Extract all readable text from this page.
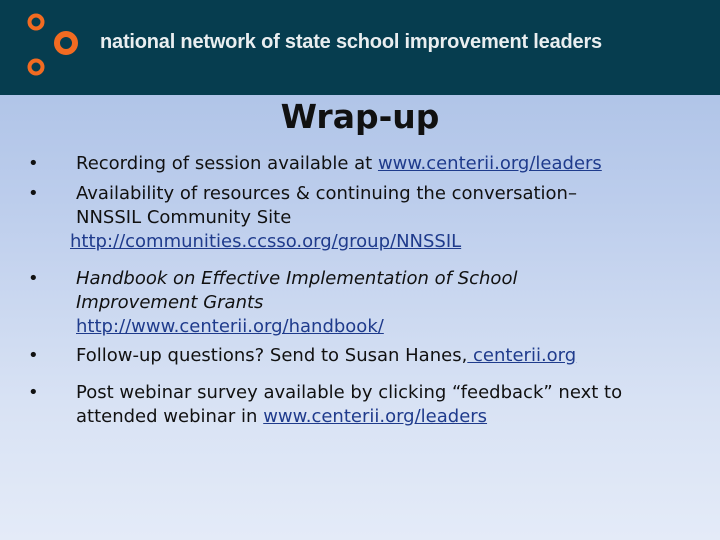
national network of state school improvement leaders
Wrap-up
•	Recording of session available at www.centerii.org/leaders
•	Availability of resources & continuing the conversation–
NNSSIL Community Site
http://communities.ccsso.org/group/NNSSIL
•	Handbook on Effective Implementation of School
Improvement Grants
http://www.centerii.org/handbook/
•	Follow-up questions? Send to Susan Hanes, centerii.org
•	Post webinar survey available by clicking “feedback” next to
attended webinar in www.centerii.org/leaders
